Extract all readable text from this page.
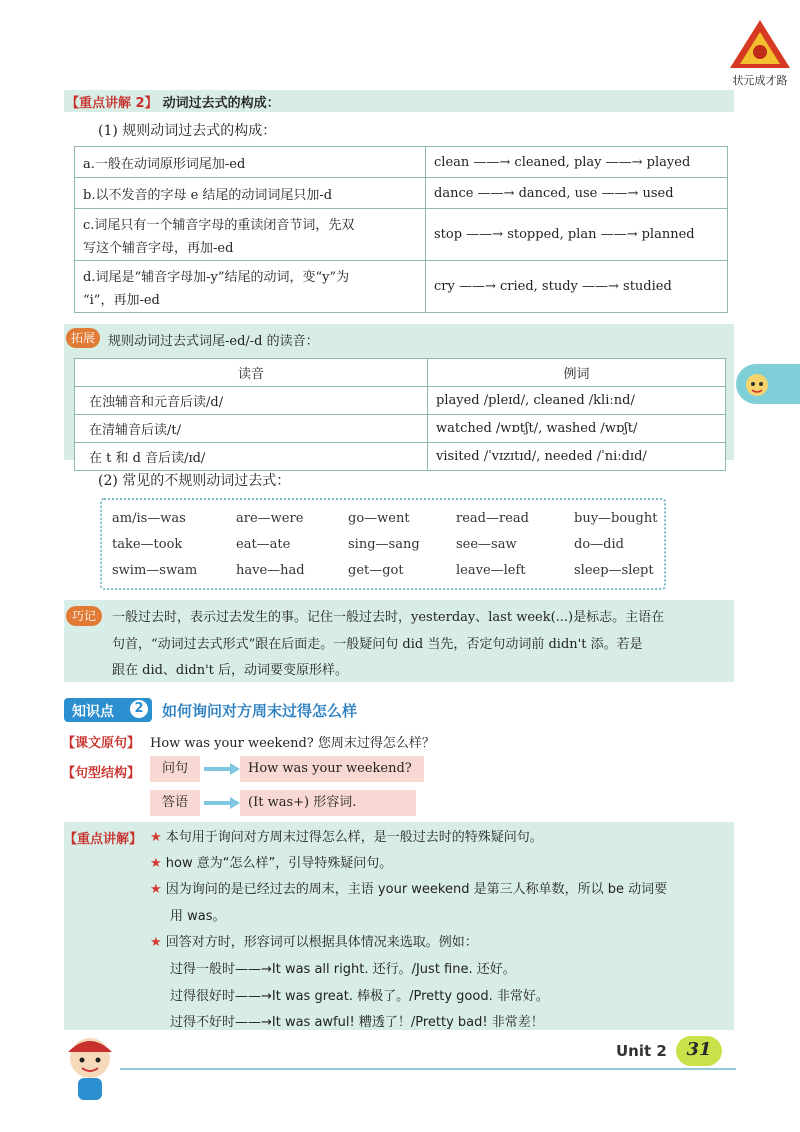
状元成才路
【重点讲解 2】 动词过去式的构成：
(1) 规则动词过去式的构成：
a.一般在动词原形词尾加-ed	clean ——→ cleaned, play ——→ played
b.以不发音的字母 e 结尾的动词词尾只加-d	dance ——→ danced, use ——→ used

c.词尾只有一个辅音字母的重读闭音节词，先双
写这个辅音字母，再加-ed	stop ——→ stopped, plan ——→ planned

d.词尾是“辅音字母加-y”结尾的动词，变“y”为
“i”，再加-ed	cry ——→ cried, study ——→ studied
拓展	规则动词过去式词尾-ed/-d 的读音：
读音	例词
在浊辅音和元音后读/d/	played /pleɪd/, cleaned /kliːnd/
在清辅音后读/t/	watched /wɒtʃt/, washed /wɒʃt/
在 t 和 d 音后读/ɪd/	visited /ˈvɪzɪtɪd/, needed /ˈniːdɪd/
(2) 常见的不规则动词过去式：
am/is—was	are—were	go—went	read—read	buy—bought
take—took	eat—ate	sing—sang	see—saw	do—did
swim—swam	have—had	get—got	leave—left	sleep—slept
巧记	一般过去时，表示过去发生的事。记住一般过去时，yesterday、last week(...)是标志。主语在
句首，“动词过去式形式”跟在后面走。一般疑问句 did 当先，否定句动词前 didn't 添。若是
跟在 did、didn't 后，动词要变原形样。
知识点	2 如何询问对方周末过得怎么样
【课文原句】 How was your weekend? 您周末过得怎么样？
【句型结构】	问句	How was your weekend?
答语	(It was+) 形容词.
【重点讲解】 ★ 本句用于询问对方周末过得怎么样，是一般过去时的特殊疑问句。
★ how 意为“怎么样”，引导特殊疑问句。
★ 因为询问的是已经过去的周末，主语 your weekend 是第三人称单数，所以 be 动词要
用 was。
★ 回答对方时，形容词可以根据具体情况来选取。例如：
过得一般时——→It was all right. 还行。/Just fine. 还好。
过得很好时——→It was great. 棒极了。/Pretty good. 非常好。
过得不好时——→It was awful! 糟透了！/Pretty bad! 非常差！
Unit 2	31
